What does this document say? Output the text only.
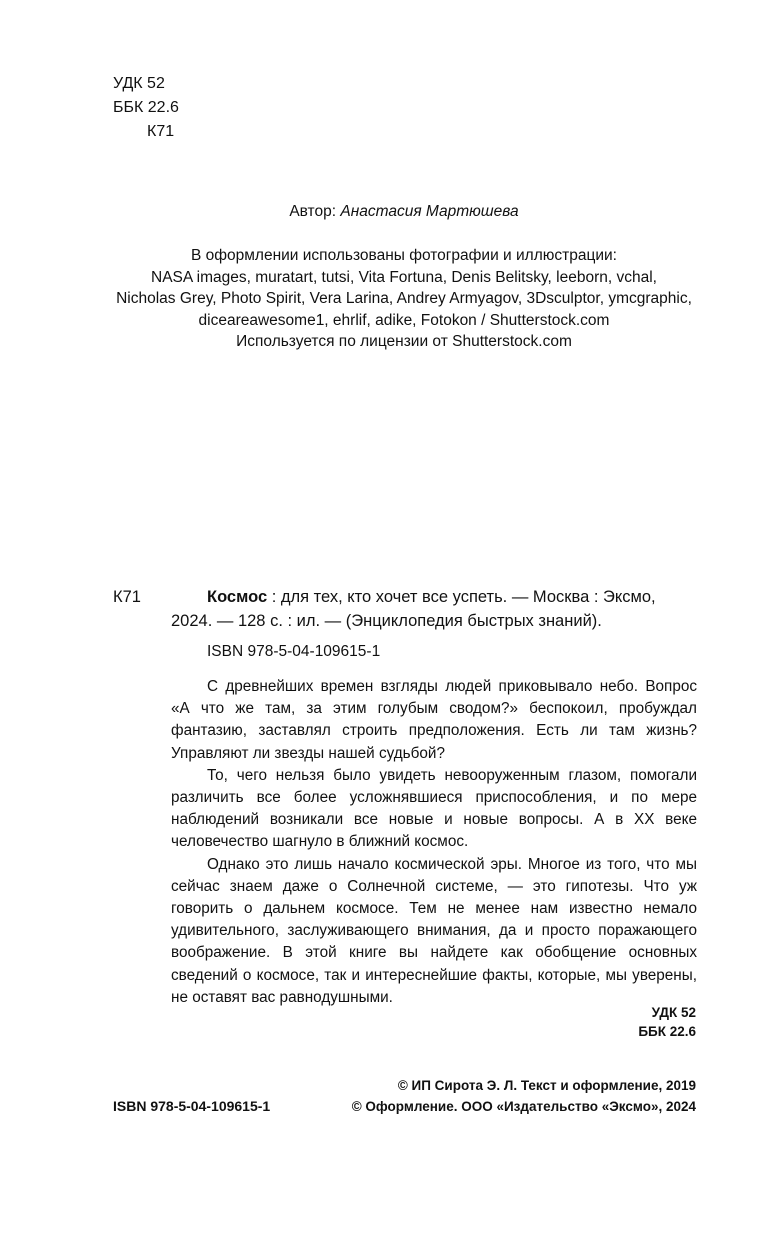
УДК 52
ББК 22.6
К71
Автор: Анастасия Мартюшева
В оформлении использованы фотографии и иллюстрации:
NASA images, muratart, tutsi, Vita Fortuna, Denis Belitsky, leeborn, vchal,
Nicholas Grey, Photo Spirit, Vera Larina, Andrey Armyagov, 3Dsculptor, ymcgraphic,
diceareawesome1, ehrlif, adike, Fotokon / Shutterstock.com
Используется по лицензии от Shutterstock.com
К71	Космос : для тех, кто хочет все успеть. — Москва : Эксмо,
2024. — 128 с. : ил. — (Энциклопедия быстрых знаний).
ISBN 978-5-04-109615-1

С древнейших времен взгляды людей приковывало небо. Вопрос «А что же там, за этим голубым сводом?» беспокоил, пробуждал фантазию, заставлял строить предположения. Есть ли там жизнь? Управляют ли звезды нашей судьбой?

То, чего нельзя было увидеть невооруженным глазом, помогали различить все более усложнявшиеся приспособления, и по мере наблюдений возникали все новые и новые вопросы. А в XX веке человечество шагнуло в ближний космос.

Однако это лишь начало космической эры. Многое из того, что мы сейчас знаем даже о Солнечной системе, — это гипотезы. Что уж говорить о дальнем космосе. Тем не менее нам известно немало удивительного, заслуживающего внимания, да и просто поражающего воображение. В этой книге вы найдете как обобщение основных сведений о космосе, так и интереснейшие факты, которые, мы уверены, не оставят вас равнодушными.

УДК 52
ББК 22.6
© ИП Сирота Э. Л. Текст и оформление, 2019
© Оформление. ООО «Издательство «Эксмо», 2024
ISBN 978-5-04-109615-1
